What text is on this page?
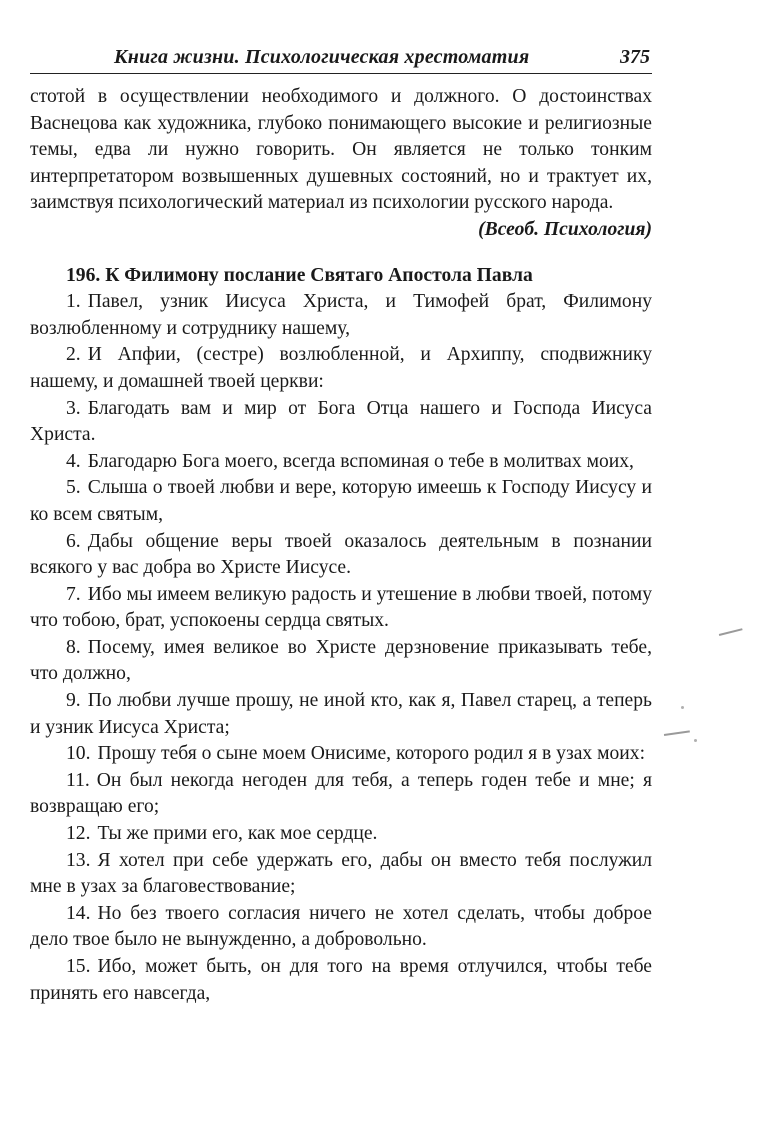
Книга жизни. Психологическая хрестоматия	375

стотой в осуществлении необходимого и должного. О достоинствах Васнецова как художника, глубоко понимающего высокие и религиозные темы, едва ли нужно говорить. Он является не только тонким интерпретатором возвышенных душевных состояний, но и трактует их, заимствуя психологический материал из психологии русского народа.

(Всеоб. Психология)

196. К Филимону послание Святаго Апостола Павла

1. Павел, узник Иисуса Христа, и Тимофей брат, Филимону возлюбленному и сотруднику нашему,

2. И Апфии, (сестре) возлюбленной, и Архиппу, сподвижнику нашему, и домашней твоей церкви:

3. Благодать вам и мир от Бога Отца нашего и Господа Иисуса Христа.

4. Благодарю Бога моего, всегда вспоминая о тебе в молитвах моих,

5. Слыша о твоей любви и вере, которую имеешь к Господу Иисусу и ко всем святым,

6. Дабы общение веры твоей оказалось деятельным в познании всякого у вас добра во Христе Иисусе.

7. Ибо мы имеем великую радость и утешение в любви твоей, потому что тобою, брат, успокоены сердца святых.

8. Посему, имея великое во Христе дерзновение приказывать тебе, что должно,

9. По любви лучше прошу, не иной кто, как я, Павел старец, а теперь и узник Иисуса Христа;

10. Прошу тебя о сыне моем Онисиме, которого родил я в узах моих:

11. Он был некогда негоден для тебя, а теперь годен тебе и мне; я возвращаю его;

12. Ты же прими его, как мое сердце.

13. Я хотел при себе удержать его, дабы он вместо тебя послужил мне в узах за благовествование;

14. Но без твоего согласия ничего не хотел сделать, чтобы доброе дело твое было не вынужденно, а добровольно.

15. Ибо, может быть, он для того на время отлучился, чтобы тебе принять его навсегда,
